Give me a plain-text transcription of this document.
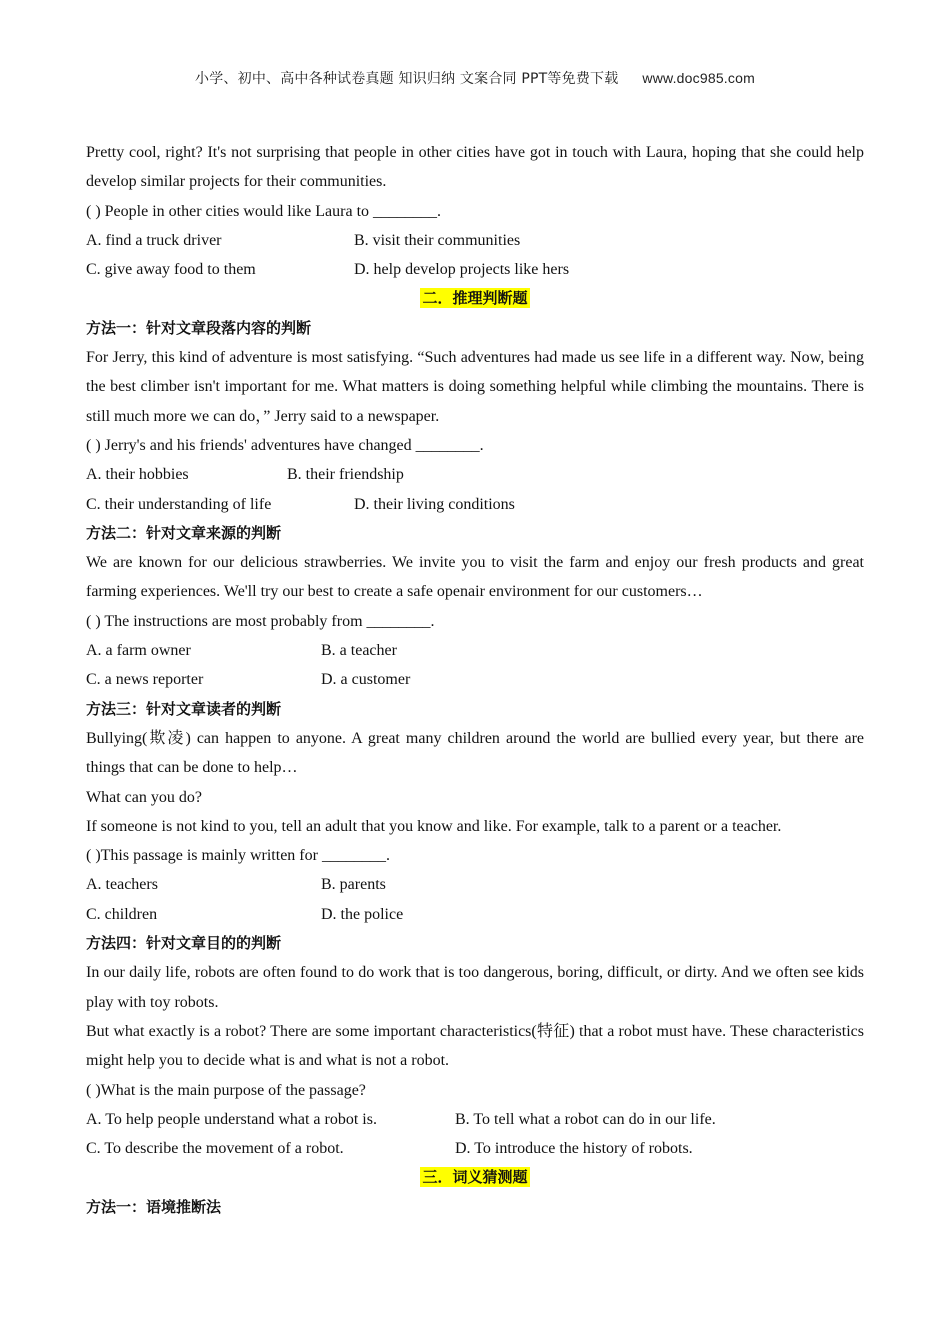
小学、初中、高中各种试卷真题 知识归纳 文案合同 PPT等免费下载 www.doc985.com

Pretty cool, right? It's not surprising that people in other cities have got in touch with Laura, hoping that she could help develop similar projects for their communities.

( ) People in other cities would like Laura to ________.

A. find a truck driver	B. visit their communities
C. give away food to them	D. help develop projects like hers

二．推理判断题

方法一：针对文章段落内容的判断

For Jerry, this kind of adventure is most satisfying. “Such adventures had made us see life in a different way. Now, being the best climber isn't important for me. What matters is doing something helpful while climbing the mountains. There is still much more we can do，” Jerry said to a newspaper.

( ) Jerry's and his friends' adventures have changed ________.

A. their hobbies	B. their friendship
C. their understanding of life	D. their living conditions

方法二：针对文章来源的判断

We are known for our delicious strawberries. We invite you to visit the farm and enjoy our fresh products and great farming experiences. We'll try our best to create a safe openair environment for our customers…

( ) The instructions are most probably from ________.

A. a farm owner	B. a teacher
C. a news reporter	D. a customer

方法三：针对文章读者的判断

Bullying(欺凌) can happen to anyone. A great many children around the world are bullied every year, but there are things that can be done to help…

What can you do?

If someone is not kind to you, tell an adult that you know and like. For example, talk to a parent or a teacher.

( )This passage is mainly written for ________.

A. teachers	B. parents
C. children	D. the police

方法四：针对文章目的的判断

In our daily life, robots are often found to do work that is too dangerous, boring, difficult, or dirty. And we often see kids play with toy robots.

But what exactly is a robot? There are some important characteristics(特征) that a robot must have. These characteristics might help you to decide what is and what is not a robot.

( )What is the main purpose of the passage?

A. To help people understand what a robot is.	B. To tell what a robot can do in our life.
C. To describe the movement of a robot.	D. To introduce the history of robots.

三．词义猜测题

方法一：语境推断法
